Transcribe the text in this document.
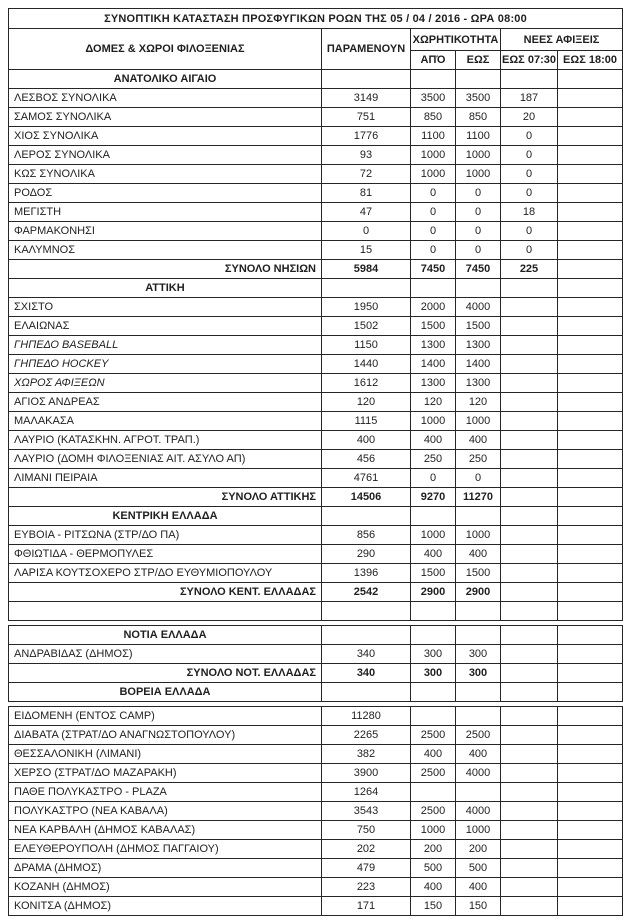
ΣΥΝΟΠΤΙΚΗ ΚΑΤΑΣΤΑΣΗ ΠΡΟΣΦΥΓΙΚΩΝ ΡΟΩΝ ΤΗΣ 05 / 04 / 2016 - ΩΡΑ 08:00					
ΔΟΜΕΣ & ΧΩΡΟΙ ΦΙΛΟΞΕΝΙΑΣ	ΠΑΡΑΜΕΝΟΥΝ	ΧΩΡΗΤΙΚΟΤΗΤΑ		ΝΕΕΣ ΑΦΙΞΕΙΣ	
		ΑΠΌ	ΕΩΣ	ΕΩΣ 07:30	ΕΩΣ 18:00
ΑΝΑΤΟΛΙΚΟ ΑΙΓΑΙΟ					
ΛΕΣΒΟΣ ΣΥΝΟΛΙΚΑ	3149	3500	3500	187	
ΣΑΜΟΣ ΣΥΝΟΛΙΚΑ	751	850	850	20	
ΧΙΟΣ ΣΥΝΟΛΙΚΑ	1776	1100	1100	0	
ΛΕΡΟΣ ΣΥΝΟΛΙΚΑ	93	1000	1000	0	
ΚΩΣ ΣΥΝΟΛΙΚΑ	72	1000	1000	0	
ΡΟΔΟΣ	81	0	0	0	
ΜΕΓΙΣΤΗ	47	0	0	18	
ΦΑΡΜΑΚΟΝΗΣΙ	0	0	0	0	
ΚΑΛΥΜΝΟΣ	15	0	0	0	
ΣΥΝΟΛΟ ΝΗΣΙΩΝ	5984	7450	7450	225	
ΑΤΤΙΚΗ					
ΣΧΙΣΤΟ	1950	2000	4000		
ΕΛΑΙΩΝΑΣ	1502	1500	1500		
ΓΗΠΕΔΟ BASEBALL	1150	1300	1300		
ΓΗΠΕΔΟ HOCKEY	1440	1400	1400		
ΧΩΡΟΣ ΑΦΙΞΕΩΝ	1612	1300	1300		
ΑΓΙΟΣ ΑΝΔΡΕΑΣ	120	120	120		
ΜΑΛΑΚΑΣΑ	1115	1000	1000		
ΛΑΥΡΙΟ (ΚΑΤΑΣΚΗΝ. ΑΓΡΟΤ. ΤΡΑΠ.)	400	400	400		
ΛΑΥΡΙΟ (ΔΟΜΗ ΦΙΛΟΞΕΝΙΑΣ ΑΙΤ. ΑΣΥΛΟ ΑΠ)	456	250	250		
ΛΙΜΑΝΙ ΠΕΙΡΑΙΑ	4761	0	0		
ΣΥΝΟΛΟ ΑΤΤΙΚΗΣ	14506	9270	11270		
ΚΕΝΤΡΙΚΗ ΕΛΛΑΔΑ					
ΕΥΒΟΙΑ - ΡΙΤΣΩΝΑ (ΣΤΡ/ΔΟ ΠΑ)	856	1000	1000		
ΦΘΙΩΤΙΔΑ - ΘΕΡΜΟΠΥΛΕΣ	290	400	400		
ΛΑΡΙΣΑ ΚΟΥΤΣΟΧΕΡΟ ΣΤΡ/ΔΟ ΕΥΘΥΜΙΟΠΟΥΛΟΥ	1396	1500	1500		
ΣΥΝΟΛΟ ΚΕΝΤ. ΕΛΛΑΔΑΣ	2542	2900	2900		

ΝΟΤΙΑ ΕΛΛΑΔΑ					
ΑΝΔΡΑΒΙΔΑΣ (ΔΗΜΟΣ)	340	300	300		
ΣΥΝΟΛΟ ΝΟΤ. ΕΛΛΑΔΑΣ	340	300	300		
ΒΟΡΕΙΑ ΕΛΛΑΔΑ					
ΕΙΔΟΜΕΝΗ (ΕΝΤΟΣ CAMP)	11280				
ΔΙΑΒΑΤΑ (ΣΤΡΑΤ/ΔΟ ΑΝΑΓΝΩΣΤΟΠΟΥΛΟΥ)	2265	2500	2500		
ΘΕΣΣΑΛΟΝΙΚΗ (ΛΙΜΑΝΙ)	382	400	400		
ΧΕΡΣΟ (ΣΤΡΑΤ/ΔΟ ΜΑΖΑΡΑΚΗ)	3900	2500	4000		
ΠΑΘΕ ΠΟΛΥΚΑΣΤΡΟ - PLAZA	1264				
ΠΟΛΥΚΑΣΤΡΟ (ΝΕΑ ΚΑΒΑΛΑ)	3543	2500	4000		
ΝΕΑ ΚΑΡΒΑΛΗ (ΔΗΜΟΣ ΚΑΒΑΛΑΣ)	750	1000	1000		
ΕΛΕΥΘΕΡΟΥΠΟΛΗ (ΔΗΜΟΣ ΠΑΓΓΑΙΟΥ)	202	200	200		
ΔΡΑΜΑ (ΔΗΜΟΣ)	479	500	500		
ΚΟΖΑΝΗ (ΔΗΜΟΣ)	223	400	400		
ΚΟΝΙΤΣΑ (ΔΗΜΟΣ)	171	150	150		
